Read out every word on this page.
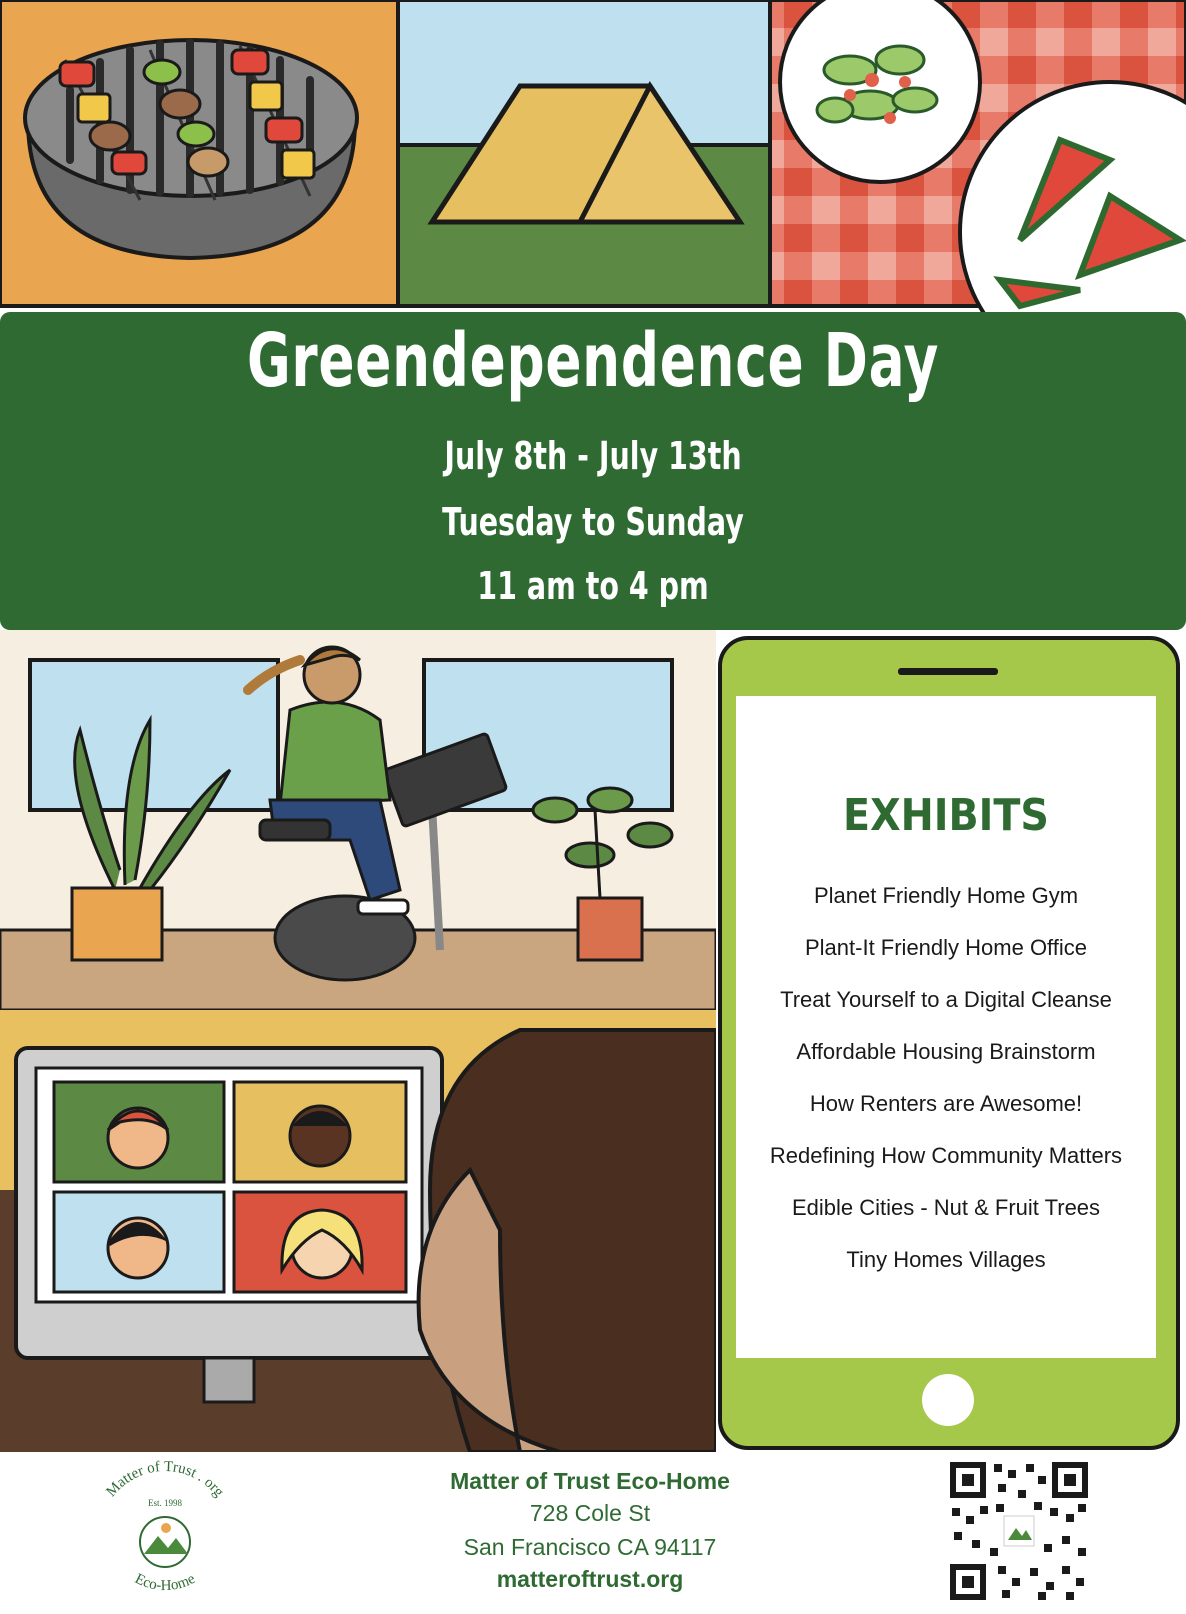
Greendependence Day
July 8th - July 13th
Tuesday to Sunday
11 am to 4 pm
EXHIBITS
Planet Friendly Home Gym
Plant-It Friendly Home Office
Treat Yourself to a Digital Cleanse
Affordable Housing Brainstorm
How Renters are Awesome!
Redefining How Community Matters
Edible Cities - Nut & Fruit Trees
Tiny Homes Villages
Matter of Trust . org
Est. 1998
Eco-Home
Matter of Trust Eco-Home
728 Cole St
San Francisco CA 94117
matteroftrust.org
